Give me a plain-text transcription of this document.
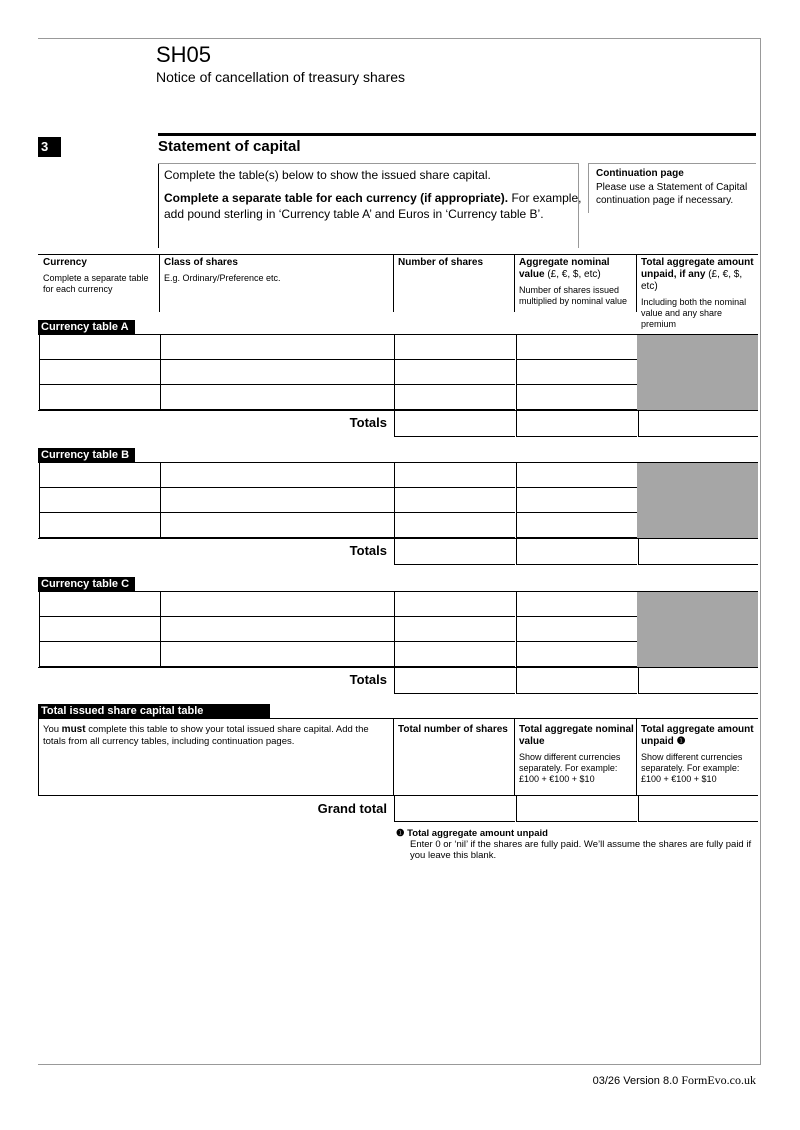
SH05
Notice of cancellation of treasury shares
3	Statement of capital
Complete the table(s) below to show the issued share capital.
Complete a separate table for each currency (if appropriate). For example, add pound sterling in ‘Currency table A’ and Euros in ‘Currency table B’.
Continuation page
Please use a Statement of Capital continuation page if necessary.
Currency
Complete a separate table for each currency
Class of shares
E.g. Ordinary/Preference etc.
Number of shares	Aggregate nominal value (£, €, $, etc)
Number of shares issued multiplied by nominal value
Total aggregate amount unpaid, if any (£, €, $, etc)
Including both the nominal value and any share premium
Currency table A
Totals
Currency table B
Totals
Currency table C
Totals
Total issued share capital table
You must complete this table to show your total issued share capital. Add the totals from all currency tables, including continuation pages.
Total number of shares Total aggregate nominal value
Show different currencies separately. For example: £100 + €100 + $10
Total aggregate amount unpaid ❶
Show different currencies separately. For example: £100 + €100 + $10
Grand total
❶ Total aggregate amount unpaid
Enter 0 or ‘nil’ if the shares are fully paid. We’ll assume the shares are fully paid if you leave this blank.
03/26 Version 8.0 FormEvo.co.uk
